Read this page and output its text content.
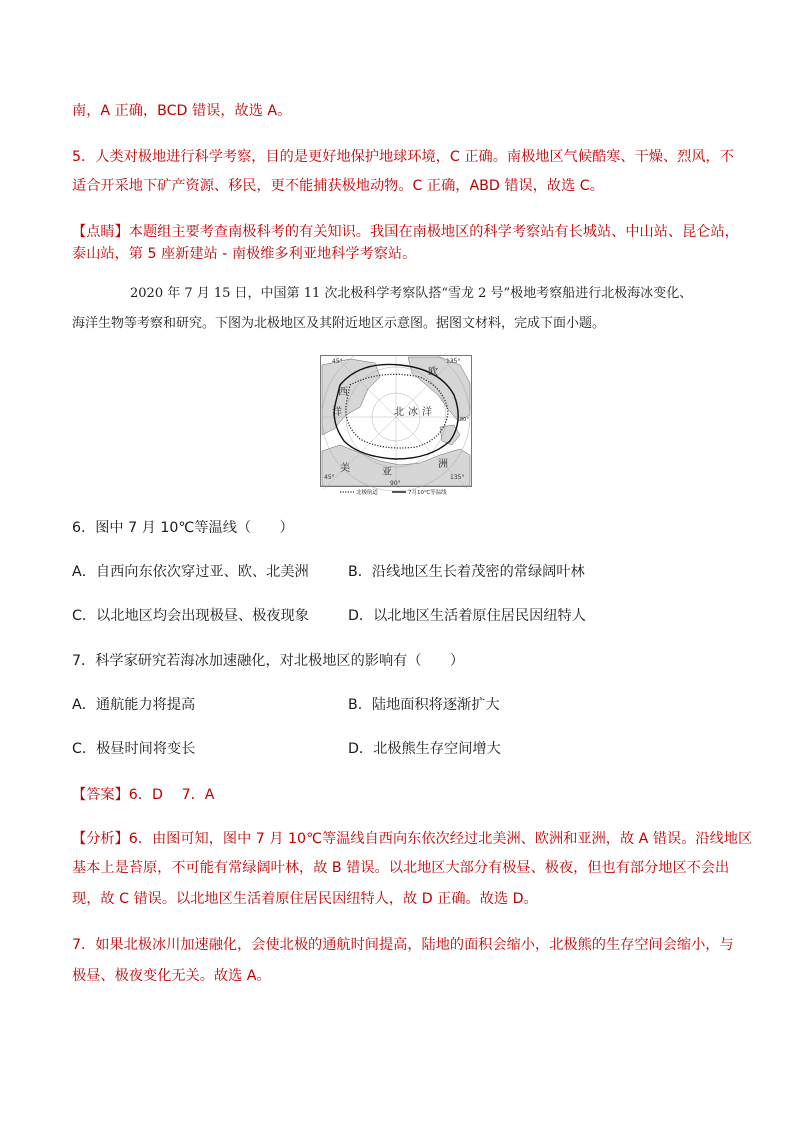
南，A 正确，BCD 错误，故选 A。
5．人类对极地进行科学考察，目的是更好地保护地球环境，C 正确。南极地区气候酷寒、干燥、烈风，不
适合开采地下矿产资源、移民，更不能捕获极地动物。C 正确，ABD 错误，故选 C。
【点睛】本题组主要考查南极科考的有关知识。我国在南极地区的科学考察站有长城站、中山站、昆仑站，
泰山站，第 5 座新建站 - 南极维多利亚地科学考察站。
2020 年 7 月 15 日，中国第 11 次北极科学考察队搭“雪龙 2 号”极地考察船进行北极海冰变化、
海洋生物等考察和研究。下图为北极地区及其附近地区示意图。据图文材料，完成下面小题。
45°	135°
45°	135°
90°
80°
西
洋	北 冰 洋
亚
洲
美
欧
北极航道	7月10℃等温线
6．图中 7 月 10℃等温线（　　）
A．自西向东依次穿过亚、欧、北美洲	B．沿线地区生长着茂密的常绿阔叶林
C．以北地区均会出现极昼、极夜现象	D．以北地区生活着原住居民因纽特人
7．科学家研究若海冰加速融化，对北极地区的影响有（　　）
A．通航能力将提高	B．陆地面积将逐渐扩大
C．极昼时间将变长	D．北极熊生存空间增大
【答案】6．D　 7．A
【分析】6．由图可知，图中 7 月 10℃等温线自西向东依次经过北美洲、欧洲和亚洲，故 A 错误。沿线地区
基本上是苔原，不可能有常绿阔叶林，故 B 错误。以北地区大部分有极昼、极夜，但也有部分地区不会出
现，故 C 错误。以北地区生活着原住居民因纽特人，故 D 正确。故选 D。
7．如果北极冰川加速融化，会使北极的通航时间提高，陆地的面积会缩小，北极熊的生存空间会缩小，与
极昼、极夜变化无关。故选 A。
